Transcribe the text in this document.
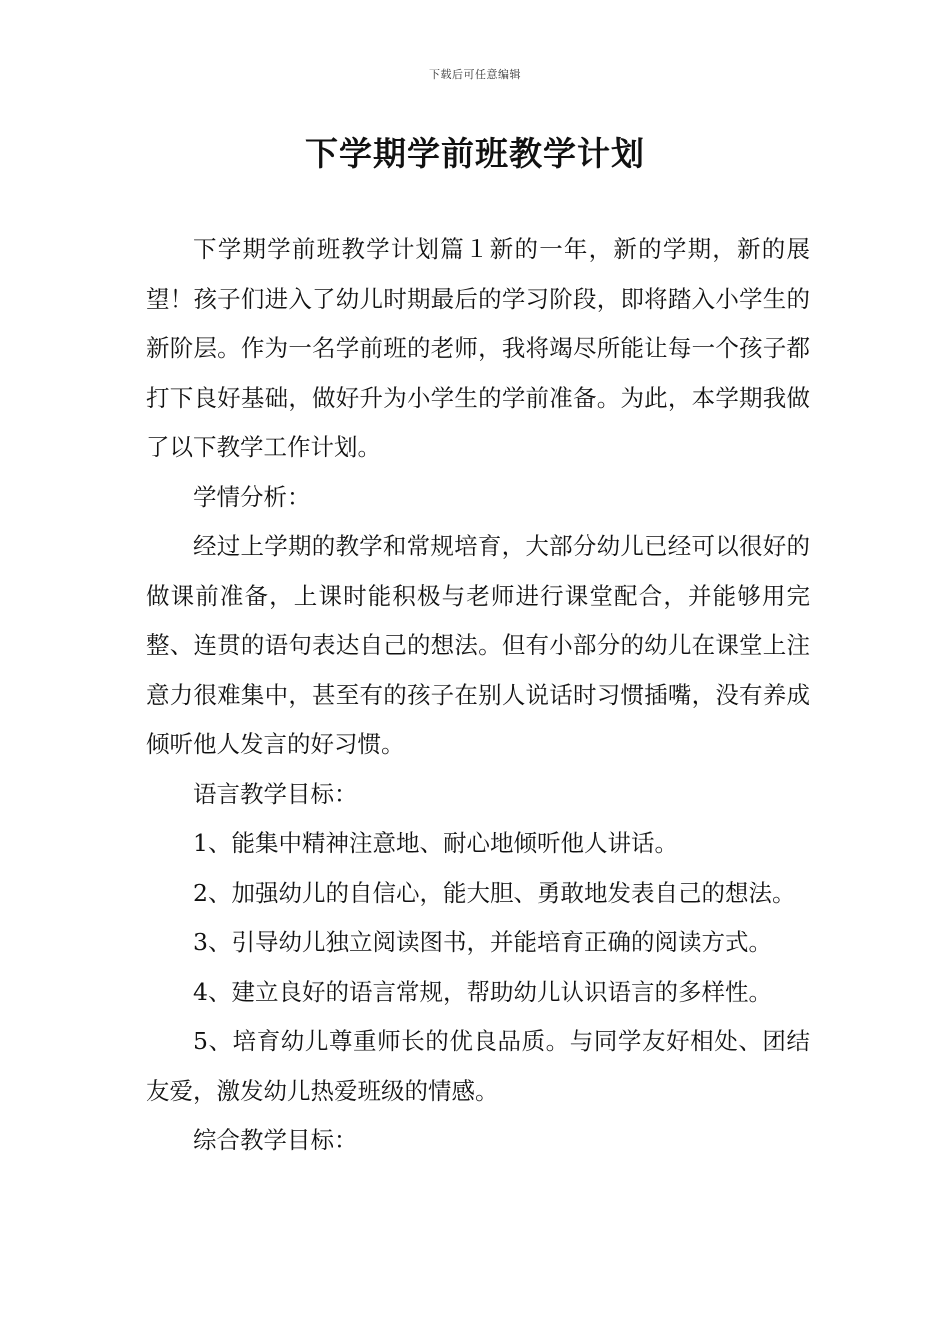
下载后可任意编辑
下学期学前班教学计划

下学期学前班教学计划篇１新的一年，新的学期，新的展望！孩子们进入了幼儿时期最后的学习阶段，即将踏入小学生的新阶层。作为一名学前班的老师，我将竭尽所能让每一个孩子都打下良好基础，做好升为小学生的学前准备。为此，本学期我做了以下教学工作计划。

学情分析：

经过上学期的教学和常规培育，大部分幼儿已经可以很好的做课前准备，上课时能积极与老师进行课堂配合，并能够用完整、连贯的语句表达自己的想法。但有小部分的幼儿在课堂上注意力很难集中，甚至有的孩子在别人说话时习惯插嘴，没有养成倾听他人发言的好习惯。

语言教学目标：

1、能集中精神注意地、耐心地倾听他人讲话。

2、加强幼儿的自信心，能大胆、勇敢地发表自己的想法。

3、引导幼儿独立阅读图书，并能培育正确的阅读方式。

4、建立良好的语言常规，帮助幼儿认识语言的多样性。

5、培育幼儿尊重师长的优良品质。与同学友好相处、团结友爱，激发幼儿热爱班级的情感。

综合教学目标：
